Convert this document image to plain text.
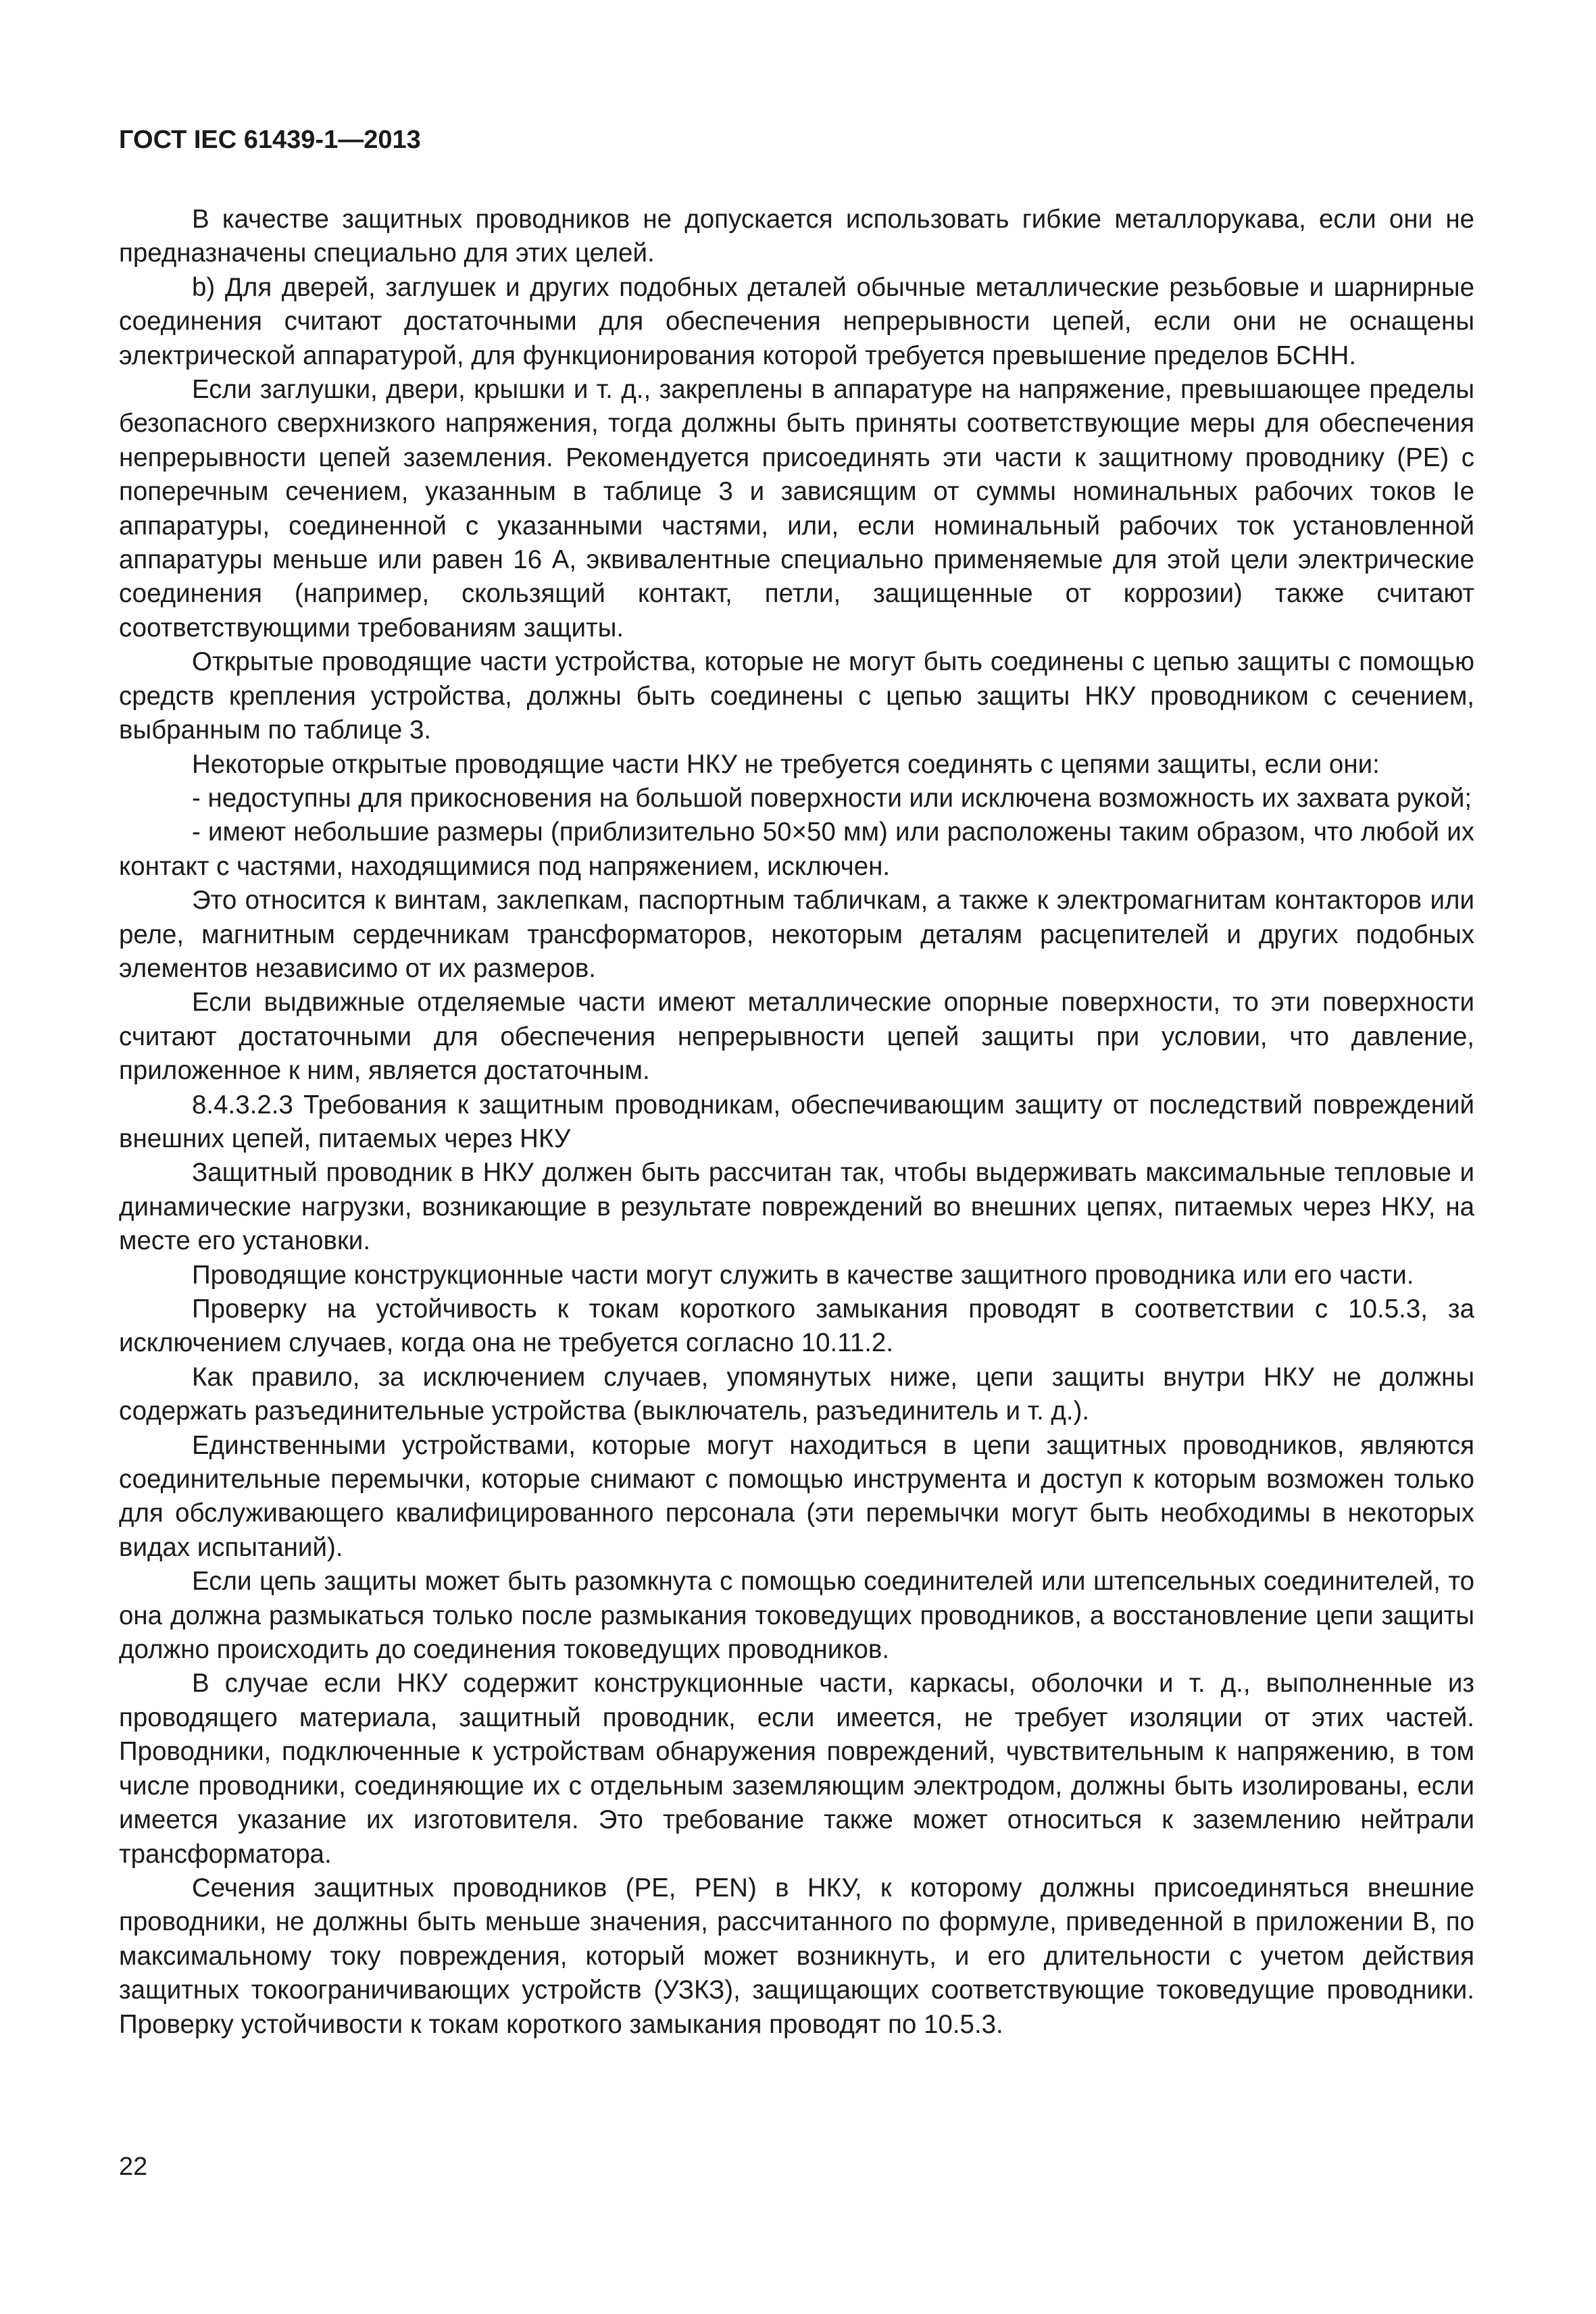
ГОСТ IEC 61439-1—2013

В качестве защитных проводников не допускается использовать гибкие металлорукава, если они не предназначены специально для этих целей.

b) Для дверей, заглушек и других подобных деталей обычные металлические резьбовые и шарнирные соединения считают достаточными для обеспечения непрерывности цепей, если они не оснащены электрической аппаратурой, для функционирования которой требуется превышение пределов БСНН.

Если заглушки, двери, крышки и т. д., закреплены в аппаратуре на напряжение, превышающее пределы безопасного сверхнизкого напряжения, тогда должны быть приняты соответствующие меры для обеспечения непрерывности цепей заземления. Рекомендуется присоединять эти части к защитному проводнику (PE) с поперечным сечением, указанным в таблице 3 и зависящим от суммы номинальных рабочих токов Ie аппаратуры, соединенной с указанными частями, или, если номинальный рабочих ток установленной аппаратуры меньше или равен 16 А, эквивалентные специально применяемые для этой цели электрические соединения (например, скользящий контакт, петли, защищенные от коррозии) также считают соответствующими требованиям защиты.

Открытые проводящие части устройства, которые не могут быть соединены с цепью защиты с помощью средств крепления устройства, должны быть соединены с цепью защиты НКУ проводником с сечением, выбранным по таблице 3.

Некоторые открытые проводящие части НКУ не требуется соединять с цепями защиты, если они:

- недоступны для прикосновения на большой поверхности или исключена возможность их захвата рукой;

- имеют небольшие размеры (приблизительно 50×50 мм) или расположены таким образом, что любой их контакт с частями, находящимися под напряжением, исключен.

Это относится к винтам, заклепкам, паспортным табличкам, а также к электромагнитам контакторов или реле, магнитным сердечникам трансформаторов, некоторым деталям расцепителей и других подобных элементов независимо от их размеров.

Если выдвижные отделяемые части имеют металлические опорные поверхности, то эти поверхности считают достаточными для обеспечения непрерывности цепей защиты при условии, что давление, приложенное к ним, является достаточным.

8.4.3.2.3 Требования к защитным проводникам, обеспечивающим защиту от последствий повреждений внешних цепей, питаемых через НКУ

Защитный проводник в НКУ должен быть рассчитан так, чтобы выдерживать максимальные тепловые и динамические нагрузки, возникающие в результате повреждений во внешних цепях, питаемых через НКУ, на месте его установки.

Проводящие конструкционные части могут служить в качестве защитного проводника или его части.

Проверку на устойчивость к токам короткого замыкания проводят в соответствии с 10.5.3, за исключением случаев, когда она не требуется согласно 10.11.2.

Как правило, за исключением случаев, упомянутых ниже, цепи защиты внутри НКУ не должны содержать разъединительные устройства (выключатель, разъединитель и т. д.).

Единственными устройствами, которые могут находиться в цепи защитных проводников, являются соединительные перемычки, которые снимают с помощью инструмента и доступ к которым возможен только для обслуживающего квалифицированного персонала (эти перемычки могут быть необходимы в некоторых видах испытаний).

Если цепь защиты может быть разомкнута с помощью соединителей или штепсельных соединителей, то она должна размыкаться только после размыкания токоведущих проводников, а восстановление цепи защиты должно происходить до соединения токоведущих проводников.

В случае если НКУ содержит конструкционные части, каркасы, оболочки и т. д., выполненные из проводящего материала, защитный проводник, если имеется, не требует изоляции от этих частей. Проводники, подключенные к устройствам обнаружения повреждений, чувствительным к напряжению, в том числе проводники, соединяющие их с отдельным заземляющим электродом, должны быть изолированы, если имеется указание их изготовителя. Это требование также может относиться к заземлению нейтрали трансформатора.

Сечения защитных проводников (PE, PEN) в НКУ, к которому должны присоединяться внешние проводники, не должны быть меньше значения, рассчитанного по формуле, приведенной в приложении В, по максимальному току повреждения, который может возникнуть, и его длительности с учетом действия защитных токоограничивающих устройств (УЗКЗ), защищающих соответствующие токоведущие проводники. Проверку устойчивости к токам короткого замыкания проводят по 10.5.3.

22
